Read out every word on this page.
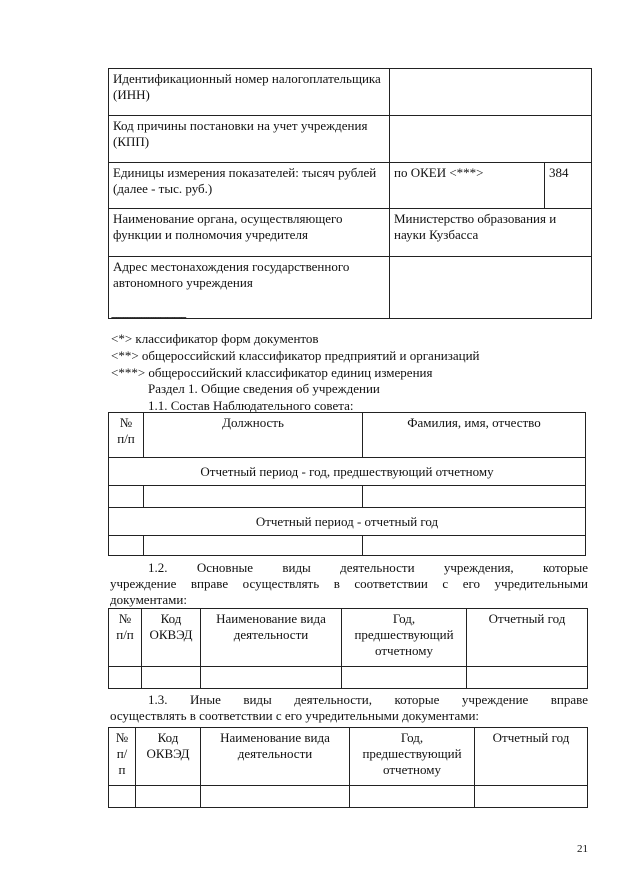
Идентификационный номер налогоплательщика (ИНН)		
Код причины постановки на учет учреждения (КПП)		
Единицы измерения показателей: тысяч рублей (далее - тыс. руб.)	по ОКЕИ <***>	384
Наименование органа, осуществляющего функции и полномочия учредителя	Министерство образования и науки Кузбасса	
Адрес местонахождения государственного автономного учреждения		
--------------------------------
<*> классификатор форм документов
<**> общероссийский классификатор предприятий и организаций
<***> общероссийский классификатор единиц измерения
Раздел 1. Общие сведения об учреждении
1.1. Состав Наблюдательного совета:
№ п/п	Должность	Фамилия, имя, отчество
Отчетный период - год, предшествующий отчетному		

Отчетный период - отчетный год		

1.2. Основные виды деятельности учреждения, которые
учреждение вправе осуществлять в соответствии с его учредительными
документами:
№ п/п	Код ОКВЭД	Наименование вида деятельности	Год, предшествующий отчетному	Отчетный год

1.3. Иные виды деятельности, которые учреждение вправе
осуществлять в соответствии с его учредительными документами:
№ п/ п	Код ОКВЭД	Наименование вида деятельности	Год, предшествующий отчетному	Отчетный год

21
